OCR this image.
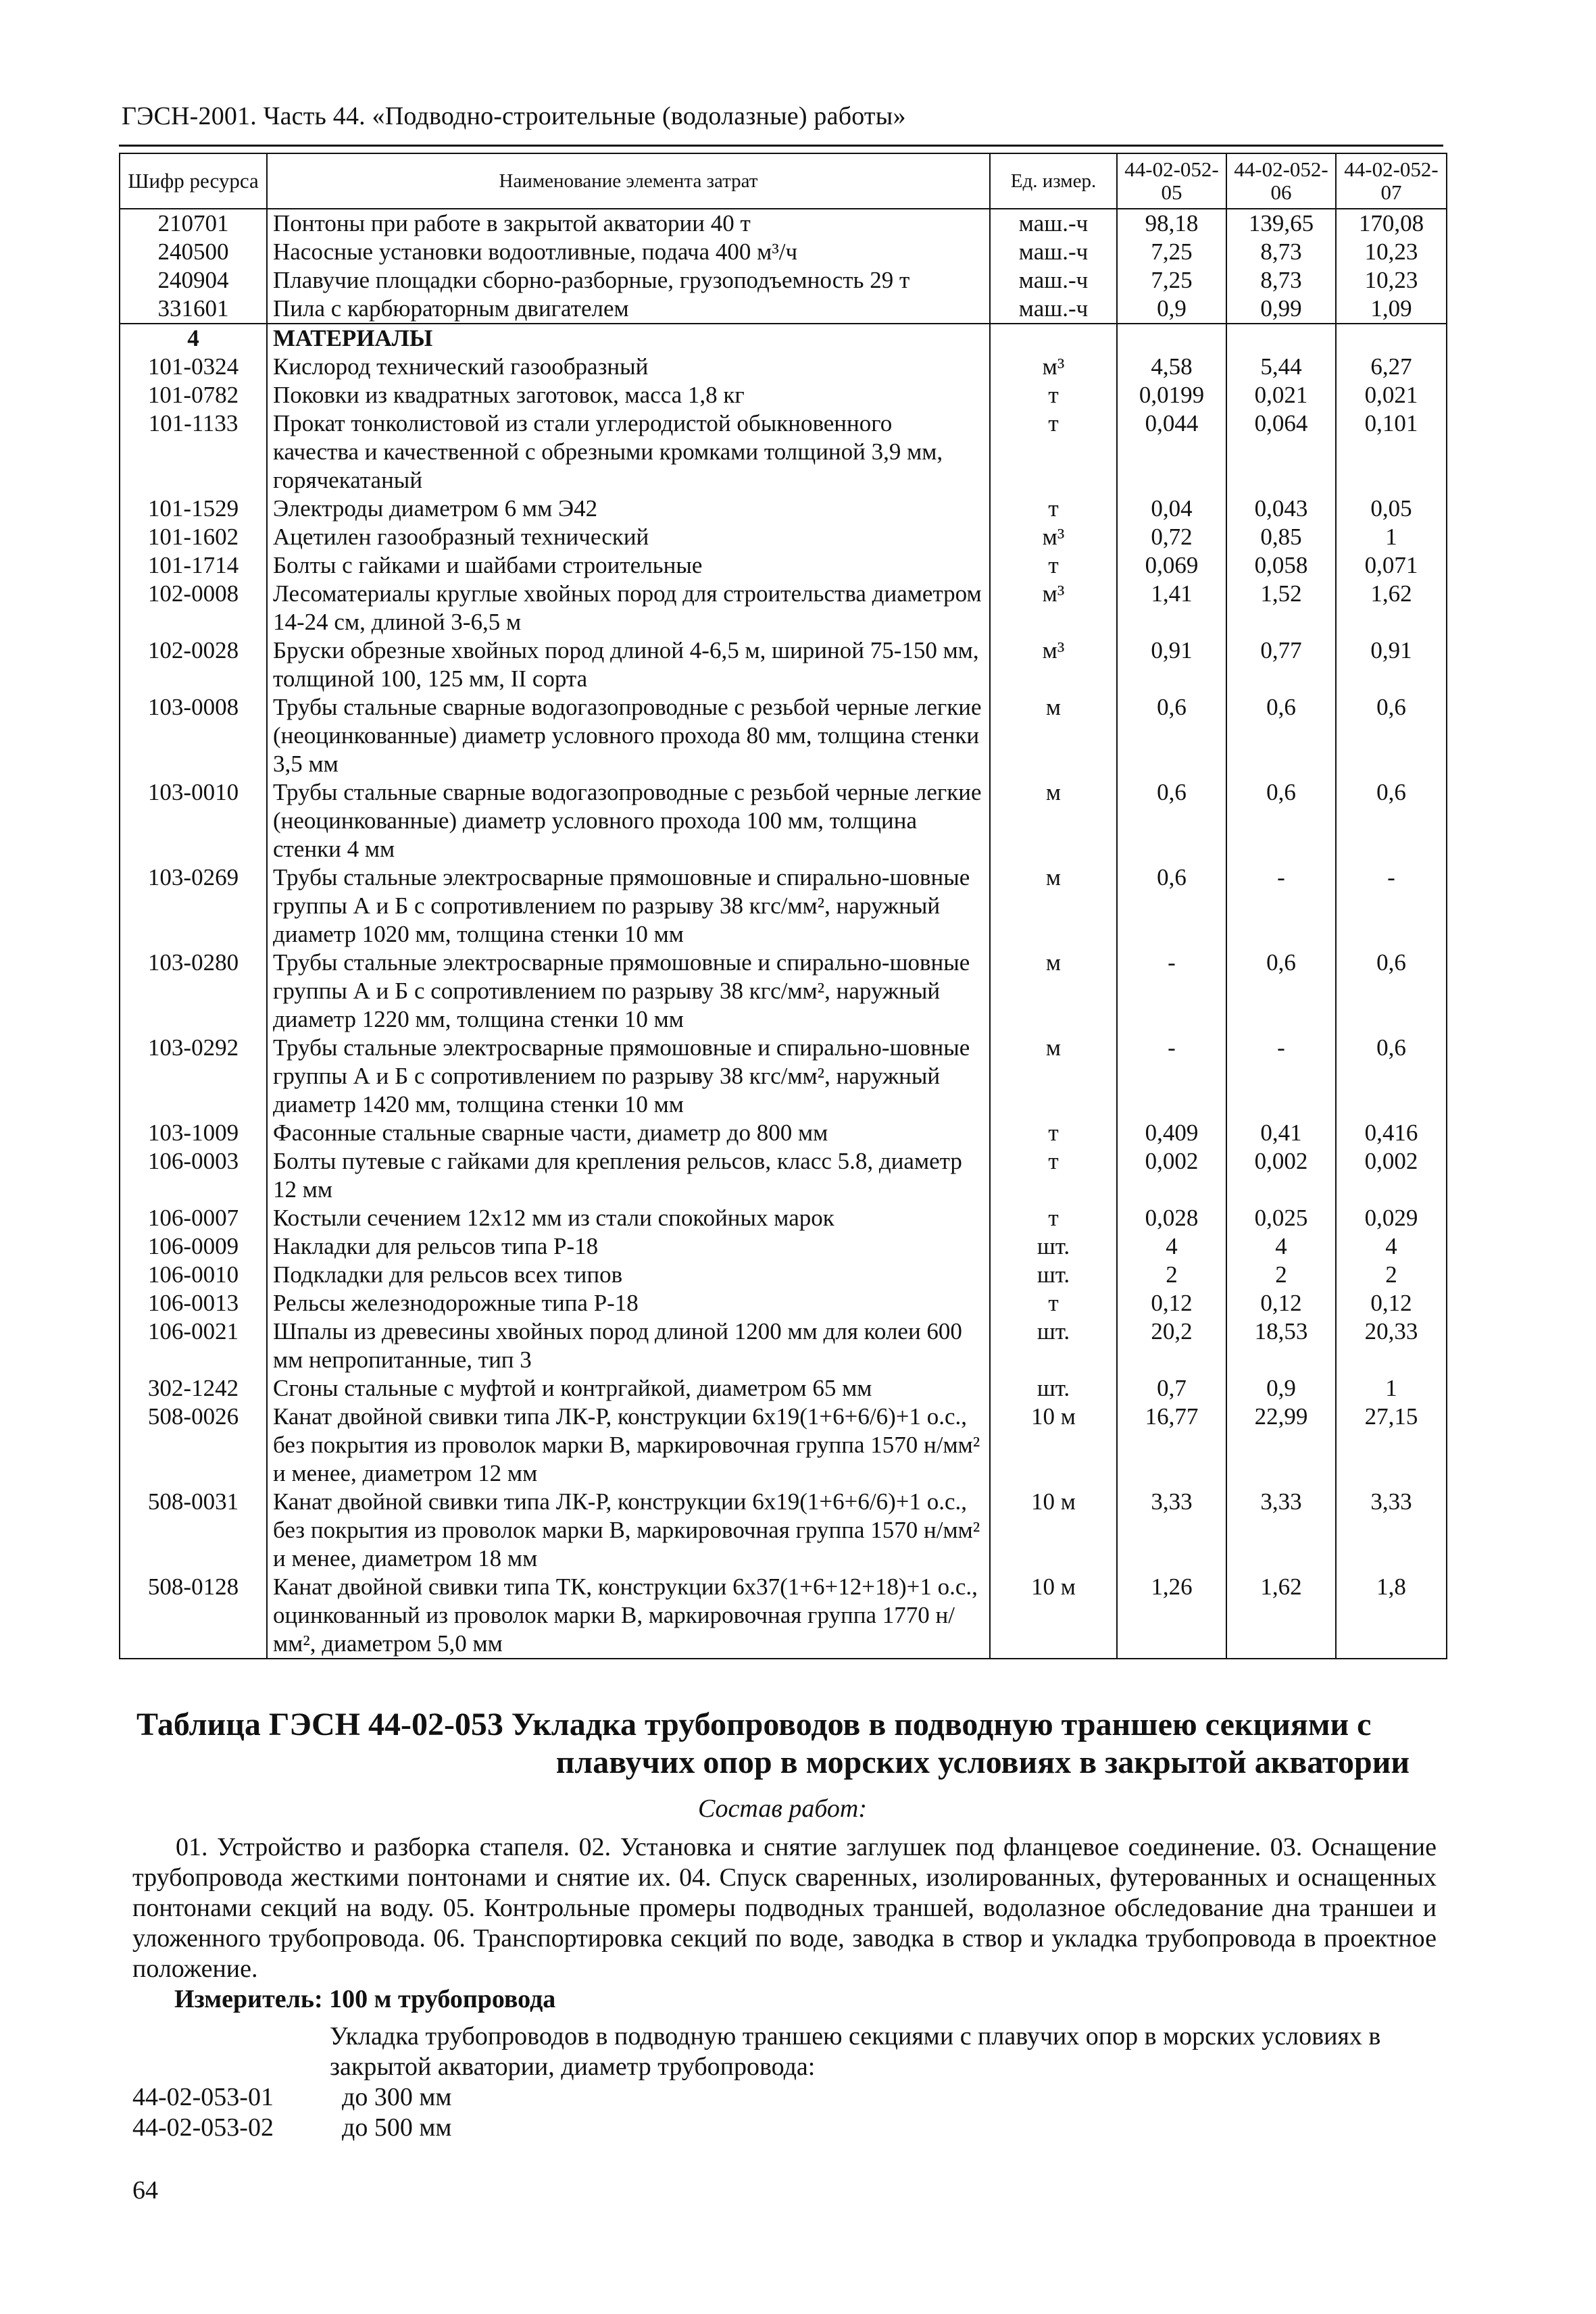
ГЭСН-2001. Часть 44. «Подводно-строительные (водолазные) работы»
Шифр ресурса	Наименование элемента затрат	Ед. измер.	44-02-052-05	44-02-052-06	44-02-052-07
210701	Понтоны при работе в закрытой акватории 40 т	маш.-ч	98,18	139,65	170,08
240500	Насосные установки водоотливные, подача 400 м³/ч	маш.-ч	7,25	8,73	10,23
240904	Плавучие площадки сборно-разборные, грузоподъемность 29 т	маш.-ч	7,25	8,73	10,23
331601	Пила с карбюраторным двигателем	маш.-ч	0,9	0,99	1,09
4	МАТЕРИАЛЫ				
101-0324	Кислород технический газообразный	м³	4,58	5,44	6,27
101-0782	Поковки из квадратных заготовок, масса 1,8 кг	т	0,0199	0,021	0,021
101-1133	Прокат тонколистовой из стали углеродистой обыкновенного качества и качественной с обрезными кромками толщиной 3,9 мм, горячекатаный	т	0,044	0,064	0,101
101-1529	Электроды диаметром 6 мм Э42	т	0,04	0,043	0,05
101-1602	Ацетилен газообразный технический	м³	0,72	0,85	1
101-1714	Болты с гайками и шайбами строительные	т	0,069	0,058	0,071
102-0008	Лесоматериалы круглые хвойных пород для строительства диаметром 14-24 см, длиной 3-6,5 м	м³	1,41	1,52	1,62
102-0028	Бруски обрезные хвойных пород длиной 4-6,5 м, шириной 75-150 мм, толщиной 100, 125 мм, II сорта	м³	0,91	0,77	0,91
103-0008	Трубы стальные сварные водогазопроводные с резьбой черные легкие (неоцинкованные) диаметр условного прохода 80 мм, толщина стенки 3,5 мм	м	0,6	0,6	0,6
103-0010	Трубы стальные сварные водогазопроводные с резьбой черные легкие (неоцинкованные) диаметр условного прохода 100 мм, толщина стенки 4 мм	м	0,6	0,6	0,6
103-0269	Трубы стальные электросварные прямошовные и спирально-шовные группы А и Б с сопротивлением по разрыву 38 кгс/мм², наружный диаметр 1020 мм, толщина стенки 10 мм	м	0,6	-	-
103-0280	Трубы стальные электросварные прямошовные и спирально-шовные группы А и Б с сопротивлением по разрыву 38 кгс/мм², наружный диаметр 1220 мм, толщина стенки 10 мм	м	-	0,6	0,6
103-0292	Трубы стальные электросварные прямошовные и спирально-шовные группы А и Б с сопротивлением по разрыву 38 кгс/мм², наружный диаметр 1420 мм, толщина стенки 10 мм	м	-	-	0,6
103-1009	Фасонные стальные сварные части, диаметр до 800 мм	т	0,409	0,41	0,416
106-0003	Болты путевые с гайками для крепления рельсов, класс 5.8, диаметр 12 мм	т	0,002	0,002	0,002
106-0007	Костыли сечением 12х12 мм из стали спокойных марок	т	0,028	0,025	0,029
106-0009	Накладки для рельсов типа Р-18	шт.	4	4	4
106-0010	Подкладки для рельсов всех типов	шт.	2	2	2
106-0013	Рельсы железнодорожные типа Р-18	т	0,12	0,12	0,12
106-0021	Шпалы из древесины хвойных пород длиной 1200 мм для колеи 600 мм непропитанные, тип 3	шт.	20,2	18,53	20,33
302-1242	Сгоны стальные с муфтой и контргайкой, диаметром 65 мм	шт.	0,7	0,9	1
508-0026	Канат двойной свивки типа ЛК-Р, конструкции 6х19(1+6+6/6)+1 о.с., без покрытия из проволок марки В, маркировочная группа 1570 н/мм² и менее, диаметром 12 мм	10 м	16,77	22,99	27,15
508-0031	Канат двойной свивки типа ЛК-Р, конструкции 6х19(1+6+6/6)+1 о.с., без покрытия из проволок марки В, маркировочная группа 1570 н/мм² и менее, диаметром 18 мм	10 м	3,33	3,33	3,33
508-0128	Канат двойной свивки типа ТК, конструкции 6х37(1+6+12+18)+1 о.с., оцинкованный из проволок марки В, маркировочная группа 1770 н/мм², диаметром 5,0 мм	10 м	1,26	1,62	1,8
Таблица ГЭСН 44-02-053 Укладка трубопроводов в подводную траншею секциями с
плавучих опор в морских условиях в закрытой акватории
Состав работ:
01. Устройство и разборка стапеля. 02. Установка и снятие заглушек под фланцевое соединение. 03. Оснащение трубопровода жесткими понтонами и снятие их. 04. Спуск сваренных, изолированных, футерованных и оснащенных понтонами секций на воду. 05. Контрольные промеры подводных траншей, водолазное обследование дна траншеи и уложенного трубопровода. 06. Транспортировка секций по воде, заводка в створ и укладка трубопровода в проектное положение.
Измеритель: 100 м трубопровода
Укладка трубопроводов в подводную траншею секциями с плавучих опор в морских условиях в закрытой акватории, диаметр трубопровода:
44-02-053-01	до 300 мм
44-02-053-02	до 500 мм
64
